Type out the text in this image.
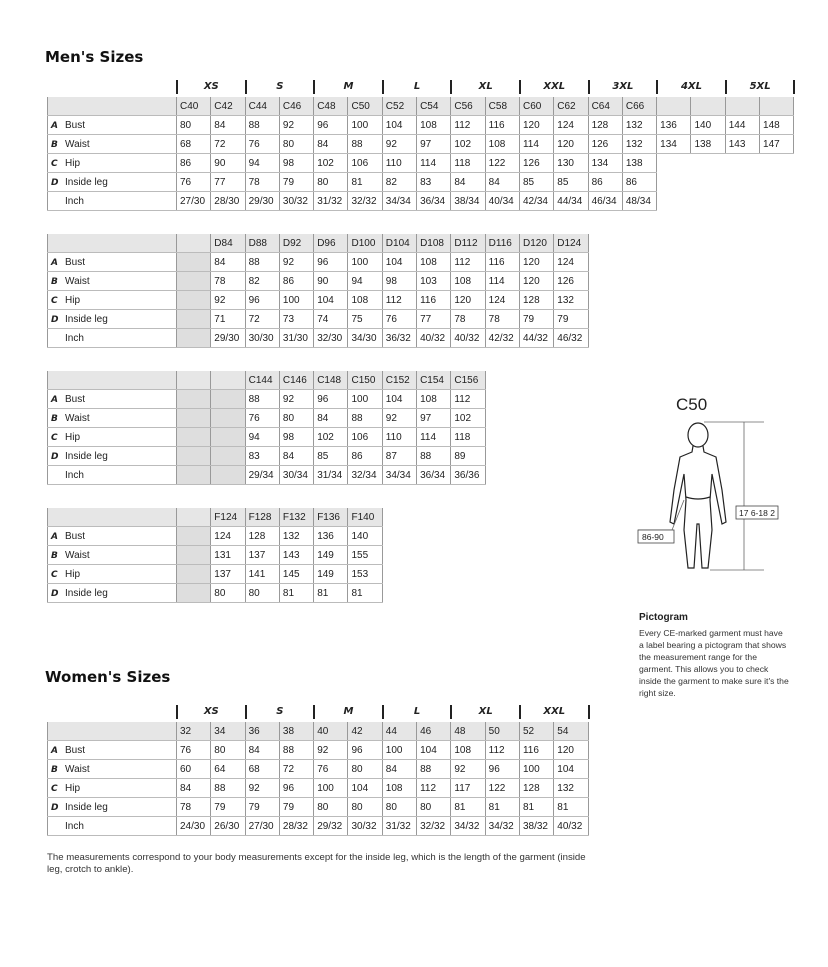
Men's Sizes
XS	S	M	L	XL	XXL	3XL	4XL	5XL
	C40	C42	C44	C46	C48	C50	C52	C54	C56	C58	C60	C62	C64	C66				
A Bust	80	84	88	92	96	100	104	108	112	116	120	124	128	132	136	140	144	148
B Waist	68	72	76	80	84	88	92	97	102	108	114	120	126	132	134	138	143	147
C Hip	86	90	94	98	102	106	110	114	118	122	126	130	134	138				
D Inside leg	76	77	78	79	80	81	82	83	84	84	85	85	86	86				
Inch	27/30	28/30	29/30	30/32	31/32	32/32	34/34	36/34	38/34	40/34	42/34	44/34	46/34	48/34				
		D84	D88	D92	D96	D100	D104	D108	D112	D116	D120	D124
A Bust		84	88	92	96	100	104	108	112	116	120	124
B Waist		78	82	86	90	94	98	103	108	114	120	126
C Hip		92	96	100	104	108	112	116	120	124	128	132
D Inside leg		71	72	73	74	75	76	77	78	78	79	79
Inch		29/30	30/30	31/30	32/30	34/30	36/32	40/32	40/32	42/32	44/32	46/32
			C144	C146	C148	C150	C152	C154	C156
A Bust			88	92	96	100	104	108	112
B Waist			76	80	84	88	92	97	102
C Hip			94	98	102	106	110	114	118
D Inside leg			83	84	85	86	87	88	89
Inch			29/34	30/34	31/34	32/34	34/34	36/34	36/36
		F124	F128	F132	F136	F140
A Bust		124	128	132	136	140
B Waist		131	137	143	149	155
C Hip		137	141	145	149	153
D Inside leg		80	80	81	81	81
Women's Sizes
XS	S	M	L	XL	XXL
	32	34	36	38	40	42	44	46	48	50	52	54
A Bust	76	80	84	88	92	96	100	104	108	112	116	120
B Waist	60	64	68	72	76	80	84	88	92	96	100	104
C Hip	84	88	92	96	100	104	108	112	117	122	128	132
D Inside leg	78	79	79	79	80	80	80	80	81	81	81	81
Inch	24/30	26/30	27/30	28/32	29/32	30/32	31/32	32/32	34/32	34/32	38/32	40/32
C50
17 6-18 2
86-90

Pictogram

Every CE-marked garment must have a label bearing a pictogram that shows the measurement range for the garment. This allows you to check inside the garment to make sure it's the right size.

The measurements correspond to your body measurements except for the inside leg, which is the length of the garment (inside leg, crotch to ankle).
